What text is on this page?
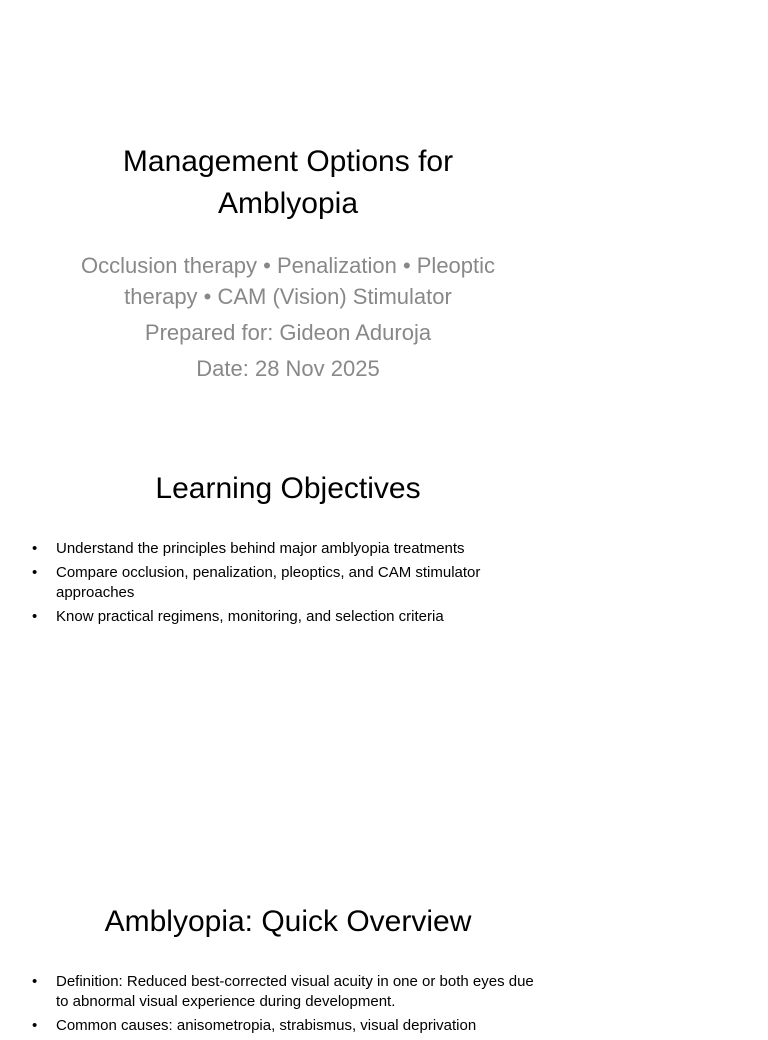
Management Options for Amblyopia

Occlusion therapy • Penalization • Pleoptic therapy • CAM (Vision) Stimulator

Prepared for: Gideon Aduroja

Date: 28 Nov 2025

Learning Objectives
• Understand the principles behind major amblyopia treatments
• Compare occlusion, penalization, pleoptics, and CAM stimulator approaches
• Know practical regimens, monitoring, and selection criteria
Amblyopia: Quick Overview
• Definition: Reduced best-corrected visual acuity in one or both eyes due to abnormal visual experience during development.
• Common causes: anisometropia, strabismus, visual deprivation
